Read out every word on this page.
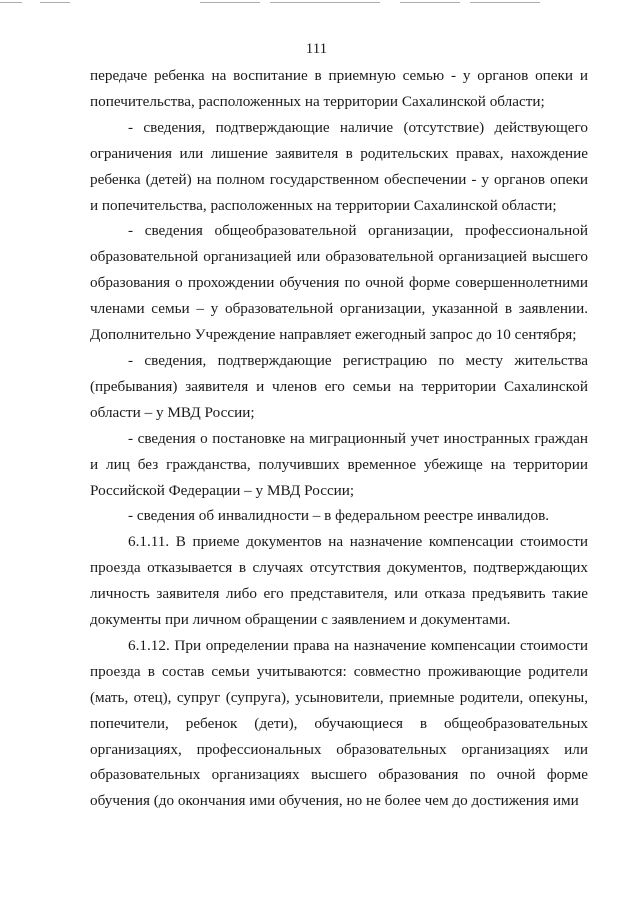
111

передаче ребенка на воспитание в приемную семью - у органов опеки и попечительства, расположенных на территории Сахалинской области;

- сведения, подтверждающие наличие (отсутствие) действующего ограничения или лишение заявителя в родительских правах, нахождение ребенка (детей) на полном государственном обеспечении - у органов опеки и попечительства, расположенных на территории Сахалинской области;

- сведения общеобразовательной организации, профессиональной образовательной организацией или образовательной организацией высшего образования о прохождении обучения по очной форме совершеннолетними членами семьи – у образовательной организации, указанной в заявлении. Дополнительно Учреждение направляет ежегодный запрос до 10 сентября;

- сведения, подтверждающие регистрацию по месту жительства (пребывания) заявителя и членов его семьи на территории Сахалинской области – у МВД России;

- сведения о постановке на миграционный учет иностранных граждан и лиц без гражданства, получивших временное убежище на территории Российской Федерации – у МВД России;

- сведения об инвалидности – в федеральном реестре инвалидов.

6.1.11. В приеме документов на назначение компенсации стоимости проезда отказывается в случаях отсутствия документов, подтверждающих личность заявителя либо его представителя, или отказа предъявить такие документы при личном обращении с заявлением и документами.

6.1.12. При определении права на назначение компенсации стоимости проезда в состав семьи учитываются: совместно проживающие родители (мать, отец), супруг (супруга), усыновители, приемные родители, опекуны, попечители, ребенок (дети), обучающиеся в общеобразовательных организациях, профессиональных образовательных организациях или образовательных организациях высшего образования по очной форме обучения (до окончания ими обучения, но не более чем до достижения ими
